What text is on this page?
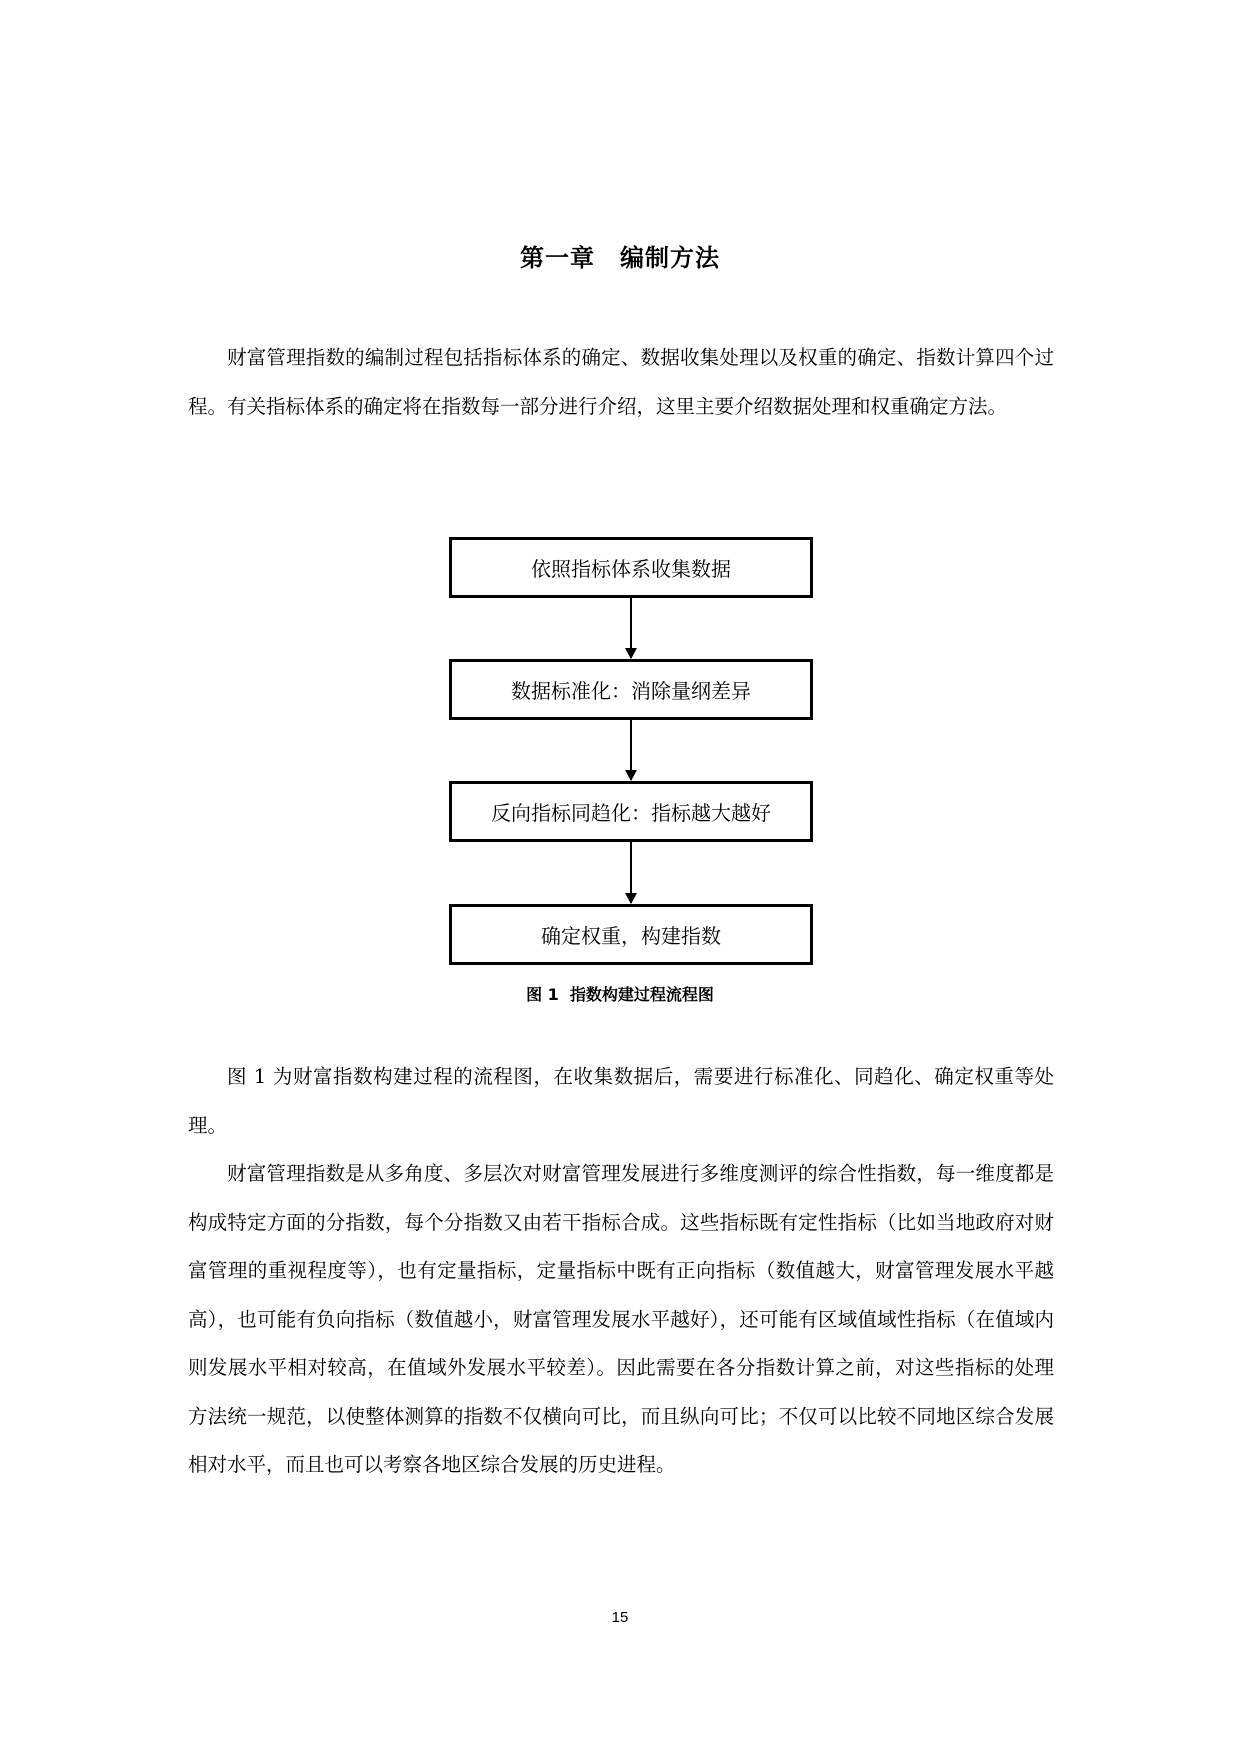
第一章　编制方法

财富管理指数的编制过程包括指标体系的确定、数据收集处理以及权重的确定、指数计算四个过程。有关指标体系的确定将在指数每一部分进行介绍，这里主要介绍数据处理和权重确定方法。

依照指标体系收集数据
数据标准化：消除量纲差异
反向指标同趋化：指标越大越好
确定权重，构建指数
图 1  指数构建过程流程图

图 1 为财富指数构建过程的流程图，在收集数据后，需要进行标准化、同趋化、确定权重等处理。

财富管理指数是从多角度、多层次对财富管理发展进行多维度测评的综合性指数，每一维度都是构成特定方面的分指数，每个分指数又由若干指标合成。这些指标既有定性指标（比如当地政府对财富管理的重视程度等），也有定量指标，定量指标中既有正向指标（数值越大，财富管理发展水平越高），也可能有负向指标（数值越小，财富管理发展水平越好），还可能有区域值域性指标（在值域内则发展水平相对较高，在值域外发展水平较差）。因此需要在各分指数计算之前，对这些指标的处理方法统一规范，以使整体测算的指数不仅横向可比，而且纵向可比；不仅可以比较不同地区综合发展相对水平，而且也可以考察各地区综合发展的历史进程。

15
